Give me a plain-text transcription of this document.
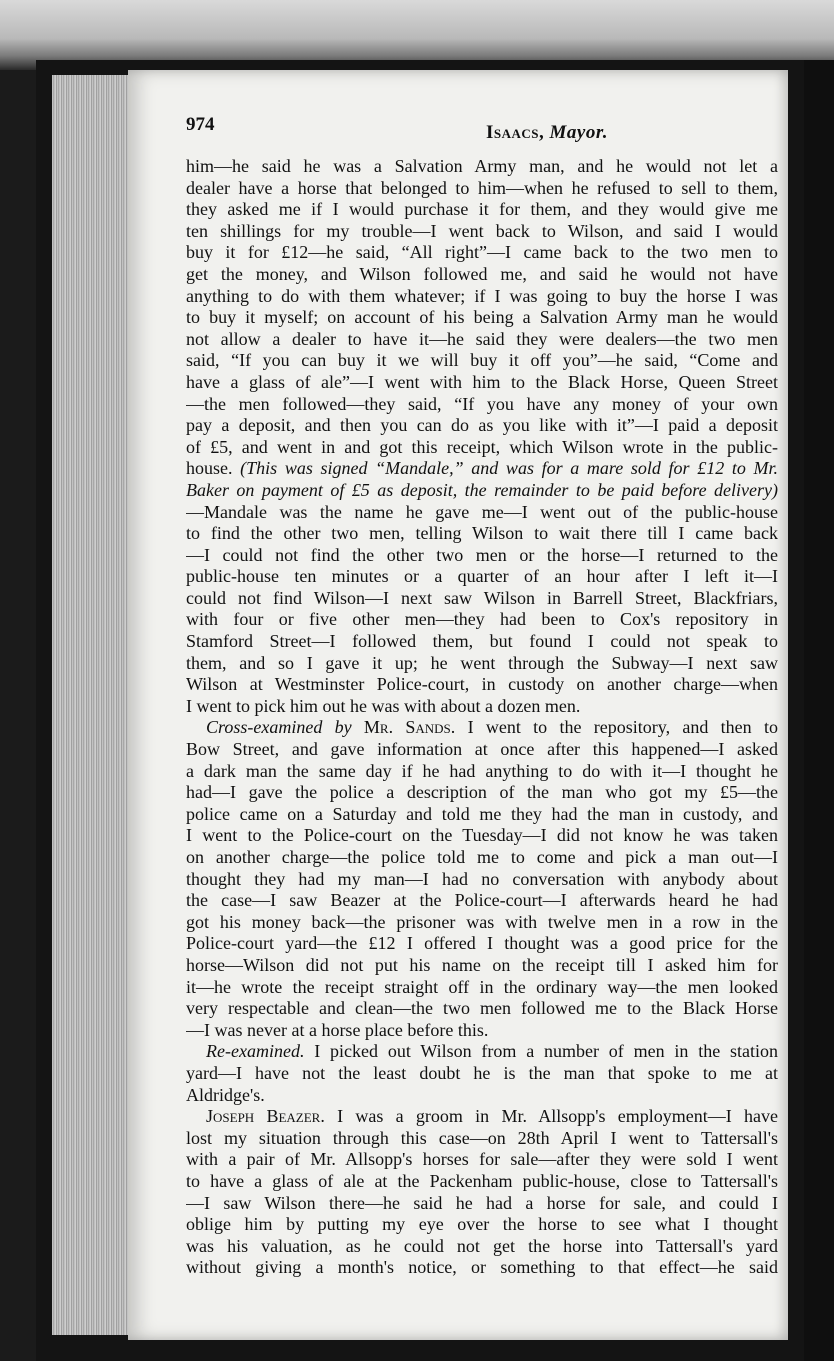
974	Isaacs, Mayor.
him—he said he was a Salvation Army man, and he would not let a
dealer have a horse that belonged to him—when he refused to sell to them,
they asked me if I would purchase it for them, and they would give me
ten shillings for my trouble—I went back to Wilson, and said I would
buy it for £12—he said, “All right”—I came back to the two men to
get the money, and Wilson followed me, and said he would not have
anything to do with them whatever; if I was going to buy the horse I was
to buy it myself; on account of his being a Salvation Army man he would
not allow a dealer to have it—he said they were dealers—the two men
said, “If you can buy it we will buy it off you”—he said, “Come and
have a glass of ale”—I went with him to the Black Horse, Queen Street
—the men followed—they said, “If you have any money of your own
pay a deposit, and then you can do as you like with it”—I paid a deposit
of £5, and went in and got this receipt, which Wilson wrote in the public-
house. (This was signed “Mandale,” and was for a mare sold for £12 to Mr.
Baker on payment of £5 as deposit, the remainder to be paid before delivery)
—Mandale was the name he gave me—I went out of the public-house
to find the other two men, telling Wilson to wait there till I came back
—I could not find the other two men or the horse—I returned to the
public-house ten minutes or a quarter of an hour after I left it—I
could not find Wilson—I next saw Wilson in Barrell Street, Blackfriars,
with four or five other men—they had been to Cox's repository in
Stamford Street—I followed them, but found I could not speak to
them, and so I gave it up; he went through the Subway—I next saw
Wilson at Westminster Police-court, in custody on another charge—when
I went to pick him out he was with about a dozen men.
Cross-examined by Mr. Sands. I went to the repository, and then to
Bow Street, and gave information at once after this happened—I asked
a dark man the same day if he had anything to do with it—I thought he
had—I gave the police a description of the man who got my £5—the
police came on a Saturday and told me they had the man in custody, and
I went to the Police-court on the Tuesday—I did not know he was taken
on another charge—the police told me to come and pick a man out—I
thought they had my man—I had no conversation with anybody about
the case—I saw Beazer at the Police-court—I afterwards heard he had
got his money back—the prisoner was with twelve men in a row in the
Police-court yard—the £12 I offered I thought was a good price for the
horse—Wilson did not put his name on the receipt till I asked him for
it—he wrote the receipt straight off in the ordinary way—the men looked
very respectable and clean—the two men followed me to the Black Horse
—I was never at a horse place before this.
Re-examined. I picked out Wilson from a number of men in the station
yard—I have not the least doubt he is the man that spoke to me at
Aldridge's.
Joseph Beazer. I was a groom in Mr. Allsopp's employment—I have
lost my situation through this case—on 28th April I went to Tattersall's
with a pair of Mr. Allsopp's horses for sale—after they were sold I went
to have a glass of ale at the Packenham public-house, close to Tattersall's
—I saw Wilson there—he said he had a horse for sale, and could I
oblige him by putting my eye over the horse to see what I thought
was his valuation, as he could not get the horse into Tattersall's yard
without giving a month's notice, or something to that effect—he said
